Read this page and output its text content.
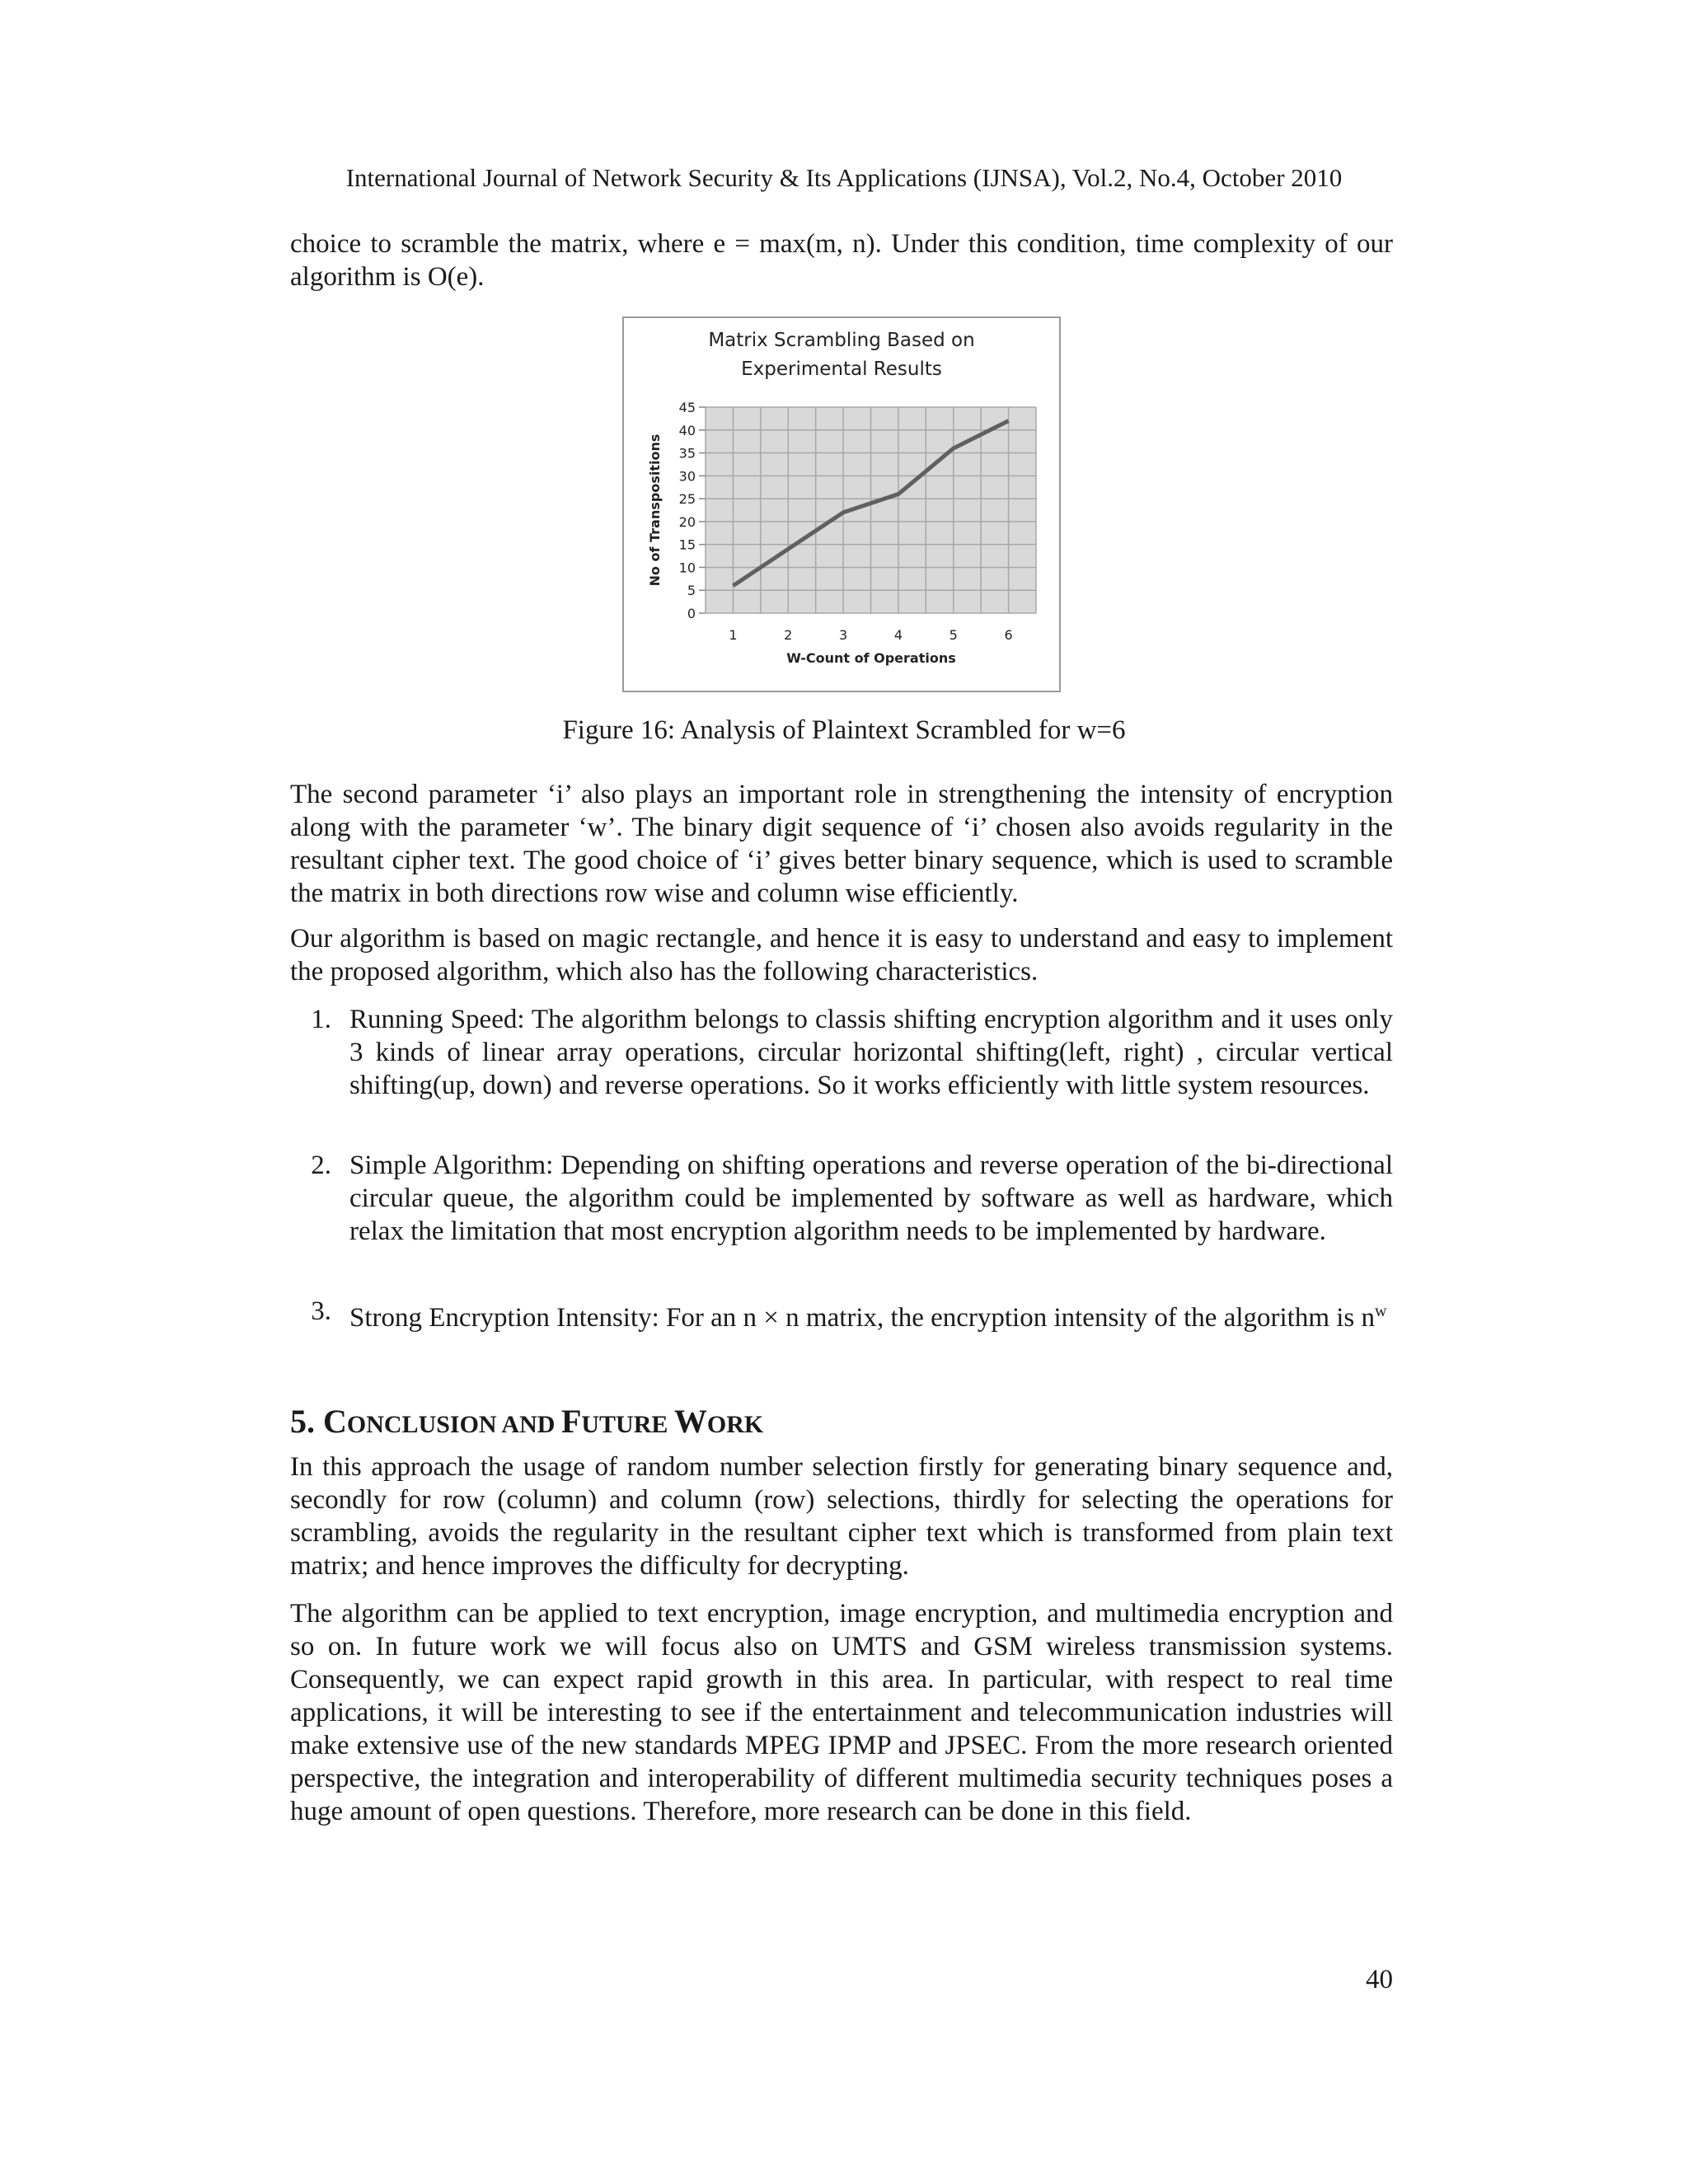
International Journal of Network Security & Its Applications (IJNSA), Vol.2, No.4, October 2010
choice to scramble the matrix, where e = max(m, n). Under this condition, time complexity of our algorithm is O(e).
Matrix Scrambling Based on
Experimental Results
45
40
35
30
25
20
15
10
5
0
1	2	3	4	5	6
W-Count of Operations
No of Transpositions
Figure 16: Analysis of Plaintext Scrambled for w=6
The second parameter ‘i’ also plays an important role in strengthening the intensity of encryption along with the parameter ‘w’. The binary digit sequence of ‘i’ chosen also avoids regularity in the resultant cipher text. The good choice of ‘i’ gives better binary sequence, which is used to scramble the matrix in both directions row wise and column wise efficiently.
Our algorithm is based on magic rectangle, and hence it is easy to understand and easy to implement the proposed algorithm, which also has the following characteristics.
1. Running Speed: The algorithm belongs to classis shifting encryption algorithm and it uses only 3 kinds of linear array operations, circular horizontal shifting(left, right) , circular vertical shifting(up, down) and reverse operations. So it works efficiently with little system resources.
2. Simple Algorithm: Depending on shifting operations and reverse operation of the bi-directional circular queue, the algorithm could be implemented by software as well as hardware, which relax the limitation that most encryption algorithm needs to be implemented by hardware.
3. Strong Encryption Intensity: For an n × n matrix, the encryption intensity of the algorithm is $n^w$
5. CONCLUSION AND FUTURE WORK
In this approach the usage of random number selection firstly for generating binary sequence and, secondly for row (column) and column (row) selections, thirdly for selecting the operations for scrambling, avoids the regularity in the resultant cipher text which is transformed from plain text matrix; and hence improves the difficulty for decrypting.
The algorithm can be applied to text encryption, image encryption, and multimedia encryption and so on. In future work we will focus also on UMTS and GSM wireless transmission systems. Consequently, we can expect rapid growth in this area. In particular, with respect to real time applications, it will be interesting to see if the entertainment and telecommunication industries will make extensive use of the new standards MPEG IPMP and JPSEC. From the more research oriented perspective, the integration and interoperability of different multimedia security techniques poses a huge amount of open questions. Therefore, more research can be done in this field.
40
